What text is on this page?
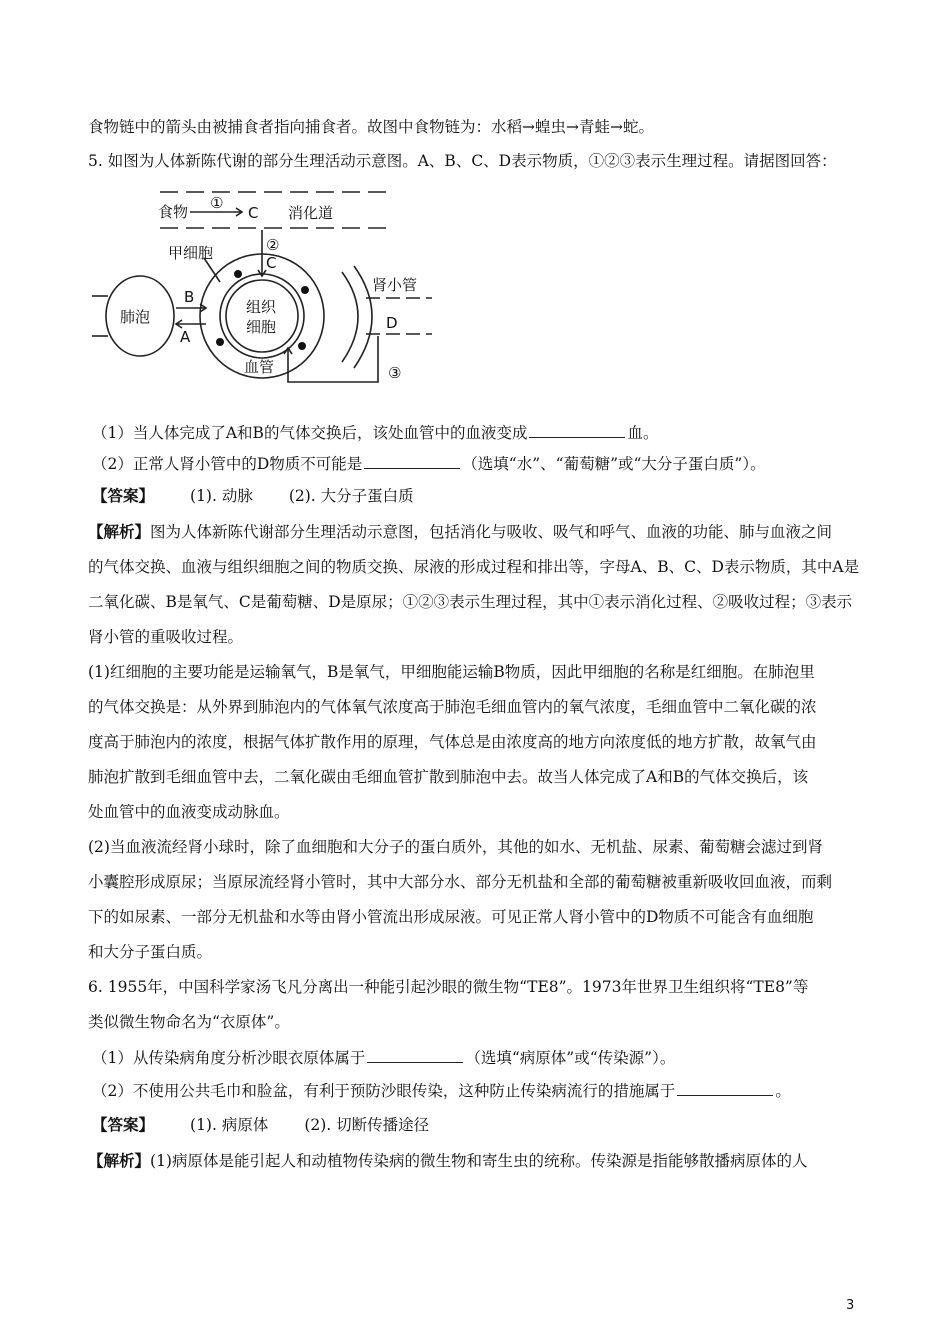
食物链中的箭头由被捕食者指向捕食者。故图中食物链为：水稻→蝗虫→青蛙→蛇。
5. 如图为人体新陈代谢的部分生理活动示意图。A、B、C、D表示物质，①②③表示生理过程。请据图回答：
食物 ①
C 消化道
②
C
甲细胞
肺泡
B
A
组织
细胞
血管
肾小管
D
③
（1）当人体完成了A和B的气体交换后，该处血管中的血液变成	血。
（2）正常人肾小管中的D物质不可能是	（选填“水”、“葡萄糖”或“大分子蛋白质”）。
【答案】 (1). 动脉 (2). 大分子蛋白质
【解析】图为人体新陈代谢部分生理活动示意图，包括消化与吸收、吸气和呼气、血液的功能、肺与血液之间
的气体交换、血液与组织细胞之间的物质交换、尿液的形成过程和排出等，字母A、B、C、D表示物质，其中A是
二氧化碳、B是氧气、C是葡萄糖、D是原尿；①②③表示生理过程，其中①表示消化过程、②吸收过程；③表示
肾小管的重吸收过程。
(1)红细胞的主要功能是运输氧气，B是氧气，甲细胞能运输B物质，因此甲细胞的名称是红细胞。在肺泡里
的气体交换是：从外界到肺泡内的气体氧气浓度高于肺泡毛细血管内的氧气浓度，毛细血管中二氧化碳的浓
度高于肺泡内的浓度，根据气体扩散作用的原理，气体总是由浓度高的地方向浓度低的地方扩散，故氧气由
肺泡扩散到毛细血管中去，二氧化碳由毛细血管扩散到肺泡中去。故当人体完成了A和B的气体交换后，该
处血管中的血液变成动脉血。
(2)当血液流经肾小球时，除了血细胞和大分子的蛋白质外，其他的如水、无机盐、尿素、葡萄糖会滤过到肾
小囊腔形成原尿；当原尿流经肾小管时，其中大部分水、部分无机盐和全部的葡萄糖被重新吸收回血液，而剩
下的如尿素、一部分无机盐和水等由肾小管流出形成尿液。可见正常人肾小管中的D物质不可能含有血细胞
和大分子蛋白质。
6. 1955年，中国科学家汤飞凡分离出一种能引起沙眼的微生物“TE8”。1973年世界卫生组织将“TE8”等
类似微生物命名为“衣原体”。
（1）从传染病角度分析沙眼衣原体属于	（选填“病原体”或“传染源”）。
（2）不使用公共毛巾和脸盆，有利于预防沙眼传染，这种防止传染病流行的措施属于	。
【答案】 (1). 病原体 (2). 切断传播途径
【解析】(1)病原体是能引起人和动植物传染病的微生物和寄生虫的统称。传染源是指能够散播病原体的人
3
